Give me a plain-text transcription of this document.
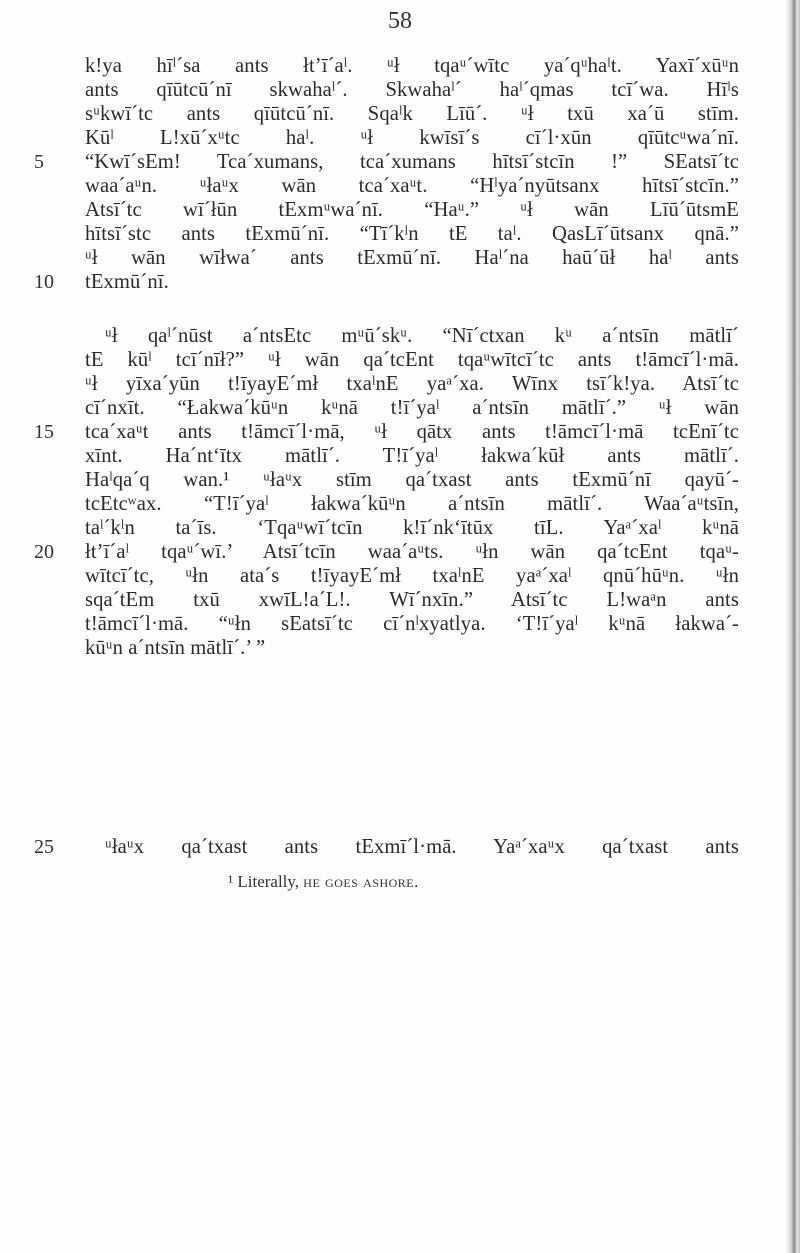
58
5
10
15
20
25
k!ya hīˡ´sa ants łtʼī´aˡ. ᵘł tqaᵘ´wītc ya´qᵘhaˡt. Yaxī´xūᵘn
ants qīūtcū´nī skwahaˡ´. Skwahaˡ´ haˡ´qmas tcī´wa. Hīˡs
sᵘkwī´tc ants qīūtcū´nī. Sqaˡk Līū´. ᵘł txū xa´ū stīm.
Kūˡ L!xū´xᵘtc haˡ. ᵘł kwīsī´s cī´l·xūn qīūtcᵘwa´nī.
“Kwī´sEm! Tca´xumans, tca´xumans hītsī´stcīn !” SEatsī´tc
waa´aᵘn. ᵘłaᵘx wān tca´xaᵘt. “Hˡya´nyūtsanx hītsī´stcīn.”
Atsī´tc wī´łūn tExmᵘwa´nī. “Haᵘ.” ᵘł wān Līū´ūtsmE
hītsī´stc ants tExmū´nī. “Tī´kˡn tE taˡ. QasLī´ūtsanx qnā.”
ᵘł wān wīłwa´ ants tExmū´nī. Haˡ´na haū´ūł haˡ ants
tExmū´nī.
ᵘł qaˡ´nūst a´ntsEtc mᵘū´skᵘ. “Nī´ctxan kᵘ a´ntsīn mātlī´
tE kūˡ tcī´nīł?” ᵘł wān qa´tcEnt tqaᵘwītcī´tc ants t!āmcī´l·mā.
ᵘł yīxa´yūn t!īyayE´mł txaˡnE yaᵃ´xa. Wīnx tsī´k!ya. Atsī´tc
cī´nxīt. “Łakwa´kūᵘn kᵘnā t!ī´yaˡ a´ntsīn mātlī´.” ᵘł wān
tca´xaᵘt ants t!āmcī´l·mā, ᵘł qātx ants t!āmcī´l·mā tcEnī´tc
xīnt. Ha´ntʻītx mātlī´. T!ī´yaˡ łakwa´kūł ants mātlī´.
Haˡqa´q wan.¹ ᵘłaᵘx stīm qa´txast ants tExmū´nī qayū´-
tcEtcʷax. “T!ī´yaˡ łakwa´kūᵘn a´ntsīn mātlī´. Waa´aᵘtsīn,
taˡ´kˡn ta´īs. ‘Tqaᵘwī´tcīn k!ī´nkʻītūx tīL. Yaᵃ´xaˡ kᵘnā
łtʼī´aˡ tqaᵘ´wī.’ Atsī´tcīn waa´aᵘts. ᵘłn wān qa´tcEnt tqaᵘ-
wītcī´tc, ᵘłn ata´s t!īyayE´mł txaˡnE yaᵃ´xaˡ qnū´hūᵘn. ᵘłn
sqa´tEm txū xwīL!a´L!. Wī´nxīn.” Atsī´tc L!waᵃn ants
t!āmcī´l·mā. “ᵘłn sEatsī´tc cī´nˡxyatlya. ‘T!ī´yaˡ kᵘnā łakwa´-
kūᵘn a´ntsīn mātlī´.’ ”
ᵘłaᵘx qa´txast ants tExmī´l·mā. Yaᵃ´xaᵘx qa´txast ants
¹ Literally, he goes ashore.
